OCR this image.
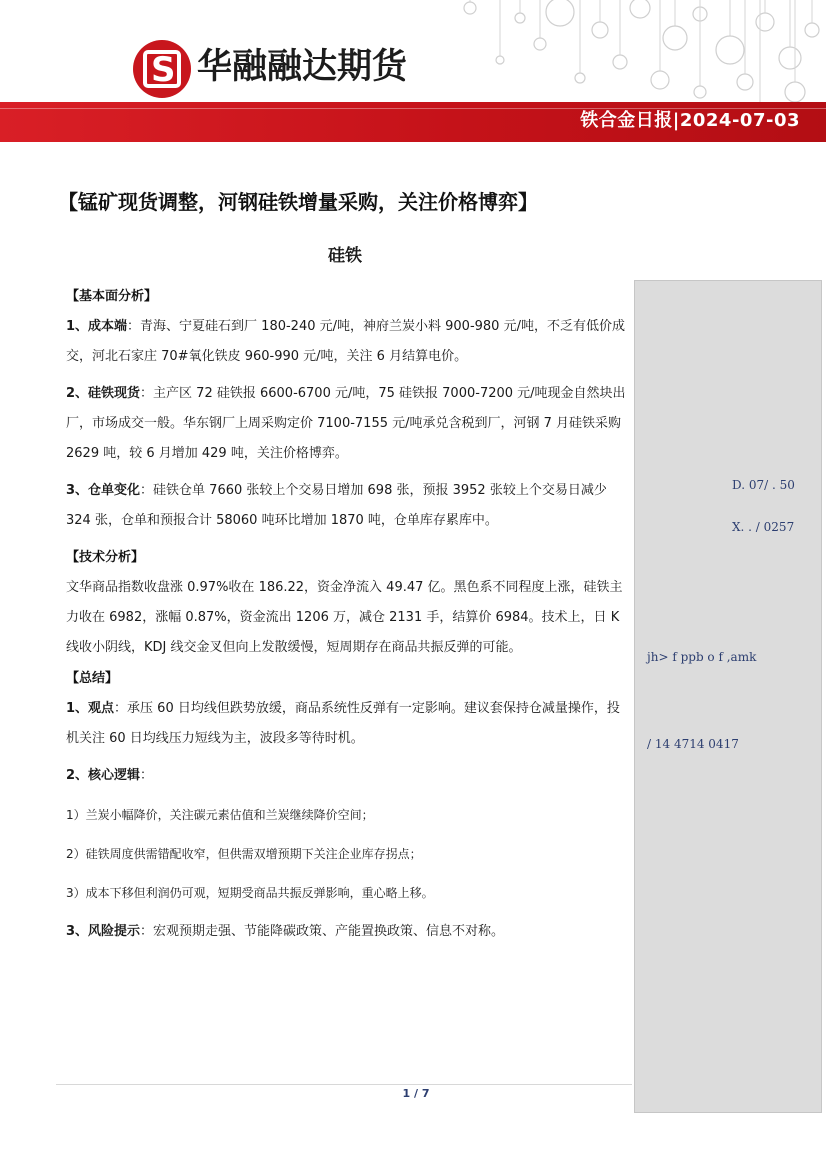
S 华融融达期货
铁合金日报|2024-07-03
【锰矿现货调整，河钢硅铁增量采购，关注价格博弈】
硅铁
D. 07/ . 50
X. . / 0257
jh> f ppb o f ,amk
/ 14 4714 0417
【基本面分析】

1、成本端：青海、宁夏硅石到厂 180-240 元/吨，神府兰炭小料 900-980 元/吨，不乏有低价成交，河北石家庄 70#氧化铁皮 960-990 元/吨，关注 6 月结算电价。

2、硅铁现货：主产区 72 硅铁报 6600-6700 元/吨，75 硅铁报 7000-7200 元/吨现金自然块出厂，市场成交一般。华东钢厂上周采购定价 7100-7155 元/吨承兑含税到厂，河钢 7 月硅铁采购 2629 吨，较 6 月增加 429 吨，关注价格博弈。

3、仓单变化：硅铁仓单 7660 张较上个交易日增加 698 张，预报 3952 张较上个交易日减少 324 张，仓单和预报合计 58060 吨环比增加 1870 吨，仓单库存累库中。

【技术分析】

文华商品指数收盘涨 0.97%收在 186.22，资金净流入 49.47 亿。黑色系不同程度上涨，硅铁主力收在 6982，涨幅 0.87%，资金流出 1206 万，减仓 2131 手，结算价 6984。技术上，日 K 线收小阴线，KDJ 线交金叉但向上发散缓慢，短周期存在商品共振反弹的可能。

【总结】

1、观点：承压 60 日均线但跌势放缓，商品系统性反弹有一定影响。建议套保持仓减量操作，投机关注 60 日均线压力短线为主，波段多等待时机。

2、核心逻辑：

1）兰炭小幅降价，关注碳元素估值和兰炭继续降价空间；

2）硅铁周度供需错配收窄，但供需双增预期下关注企业库存拐点；

3）成本下移但利润仍可观，短期受商品共振反弹影响，重心略上移。

3、风险提示：宏观预期走强、节能降碳政策、产能置换政策、信息不对称。

1 / 7
